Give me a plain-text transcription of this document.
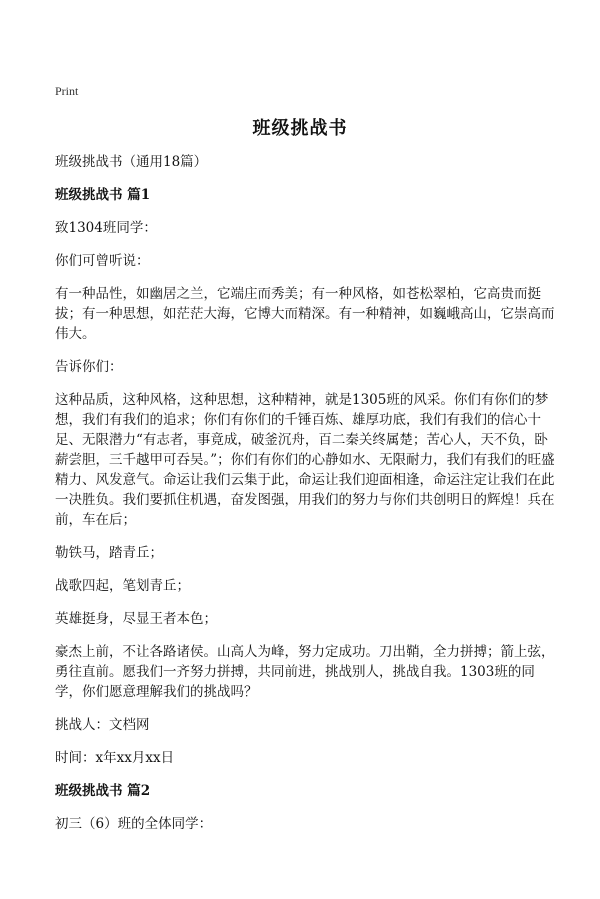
Print
班级挑战书

班级挑战书（通用18篇）

班级挑战书 篇1

致1304班同学：

你们可曾听说：

有一种品性，如幽居之兰，它端庄而秀美；有一种风格，如苍松翠柏，它高贵而挺拔；有一种思想，如茫茫大海，它博大而精深。有一种精神，如巍峨高山，它崇高而伟大。

告诉你们：

这种品质，这种风格，这种思想，这种精神，就是1305班的风采。你们有你们的梦想，我们有我们的追求；你们有你们的千锤百炼、雄厚功底，我们有我们的信心十足、无限潜力“有志者，事竟成，破釜沉舟，百二秦关终属楚；苦心人，天不负，卧薪尝胆，三千越甲可吞吴。”；你们有你们的心静如水、无限耐力，我们有我们的旺盛精力、风发意气。命运让我们云集于此，命运让我们迎面相逢，命运注定让我们在此一决胜负。我们要抓住机遇，奋发图强，用我们的努力与你们共创明日的辉煌！兵在前，车在后；

勒铁马，踏青丘；

战歌四起，笔划青丘；

英雄挺身，尽显王者本色；

豪杰上前，不让各路诸侯。山高人为峰，努力定成功。刀出鞘，全力拼搏；箭上弦，勇往直前。愿我们一齐努力拼搏，共同前进，挑战别人，挑战自我。1303班的同学，你们愿意理解我们的挑战吗？

挑战人：文档网

时间：x年xx月xx日

班级挑战书 篇2

初三（6）班的全体同学：
